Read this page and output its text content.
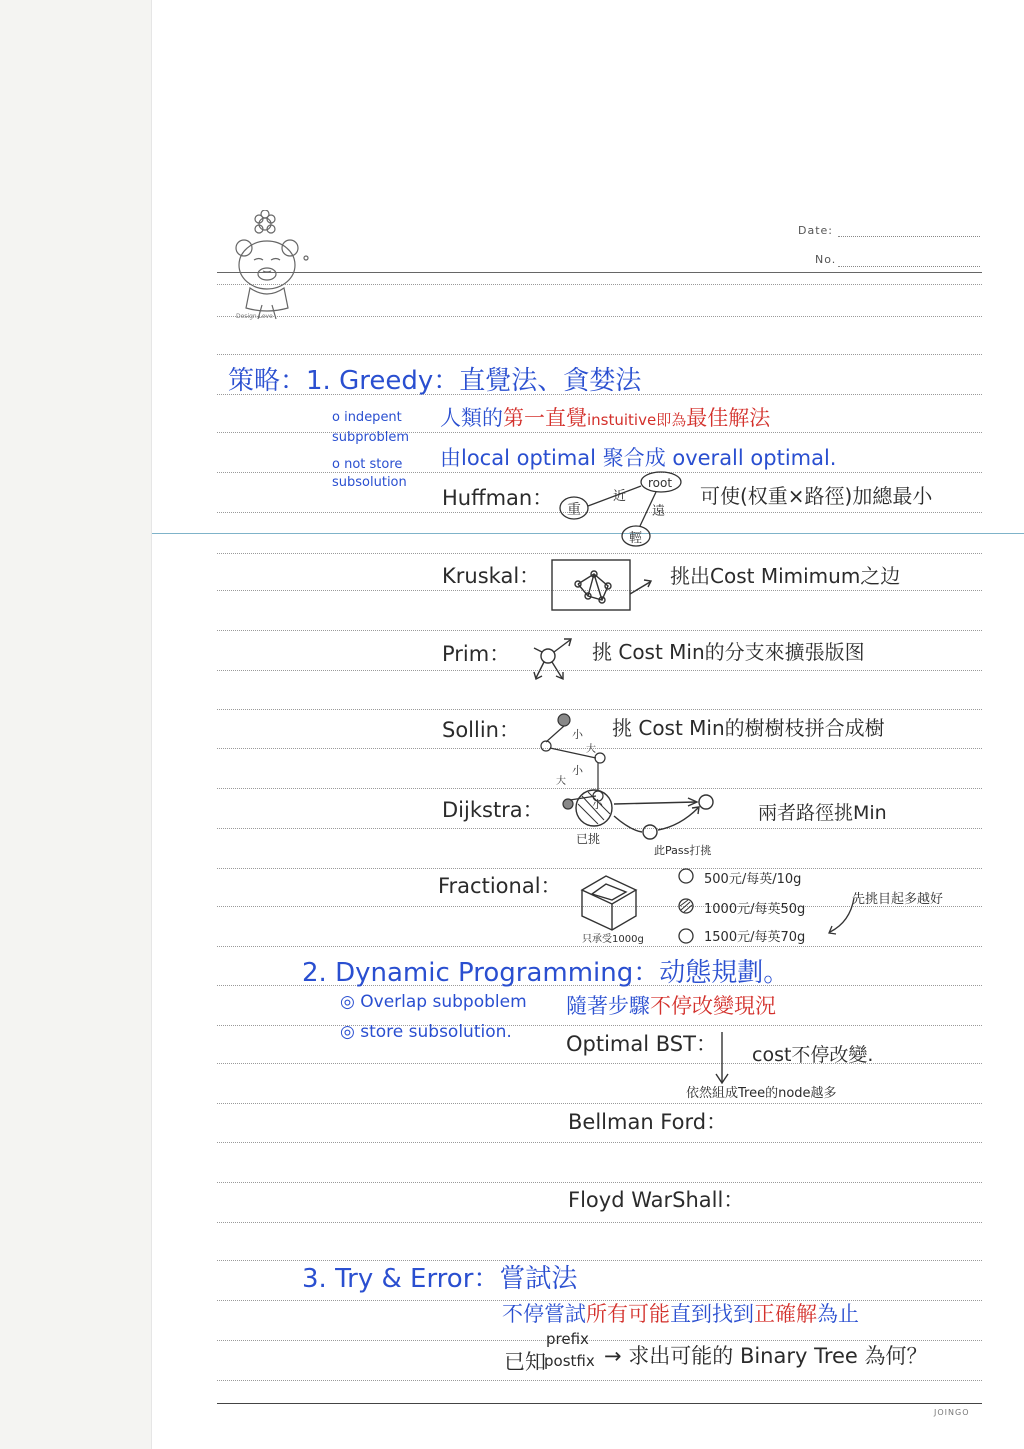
Date:
No.
Design Love
策略：1. Greedy：直覺法、貪婪法
o indepent subproblem
o not store subsolution
人類的第一直覺instuitive即為最佳解法
由local optimal 聚合成 overall optimal.
Huffman： 重
近
root
遠
輕
可使(权重×路徑)加總最小
Kruskal：	挑出Cost Mimimum之边
Prim：	挑 Cost Min的分支來擴張版图
Sollin：	小
大
小
大
小
挑 Cost Min的樹樹枝拼合成樹
Dijkstra：
已挑
此Pass打挑
兩者路徑挑Min
Fractional：
只承受1000g
500元/每英/10g
1000元/每英50g
1500元/每英70g
先挑目起多越好
2. Dynamic Programming：动態規劃。
◎ Overlap subpoblem
◎ store subsolution.
隨著步驟不停改變現況
Optimal BST： cost不停改變.
依然組成Tree的node越多
Bellman Ford：
Floyd WarShall：
3. Try & Error：嘗試法
不停嘗試所有可能直到找到正確解為止
已知
prefix
postfix → 求出可能的 Binary Tree 為何？
JOINGO
